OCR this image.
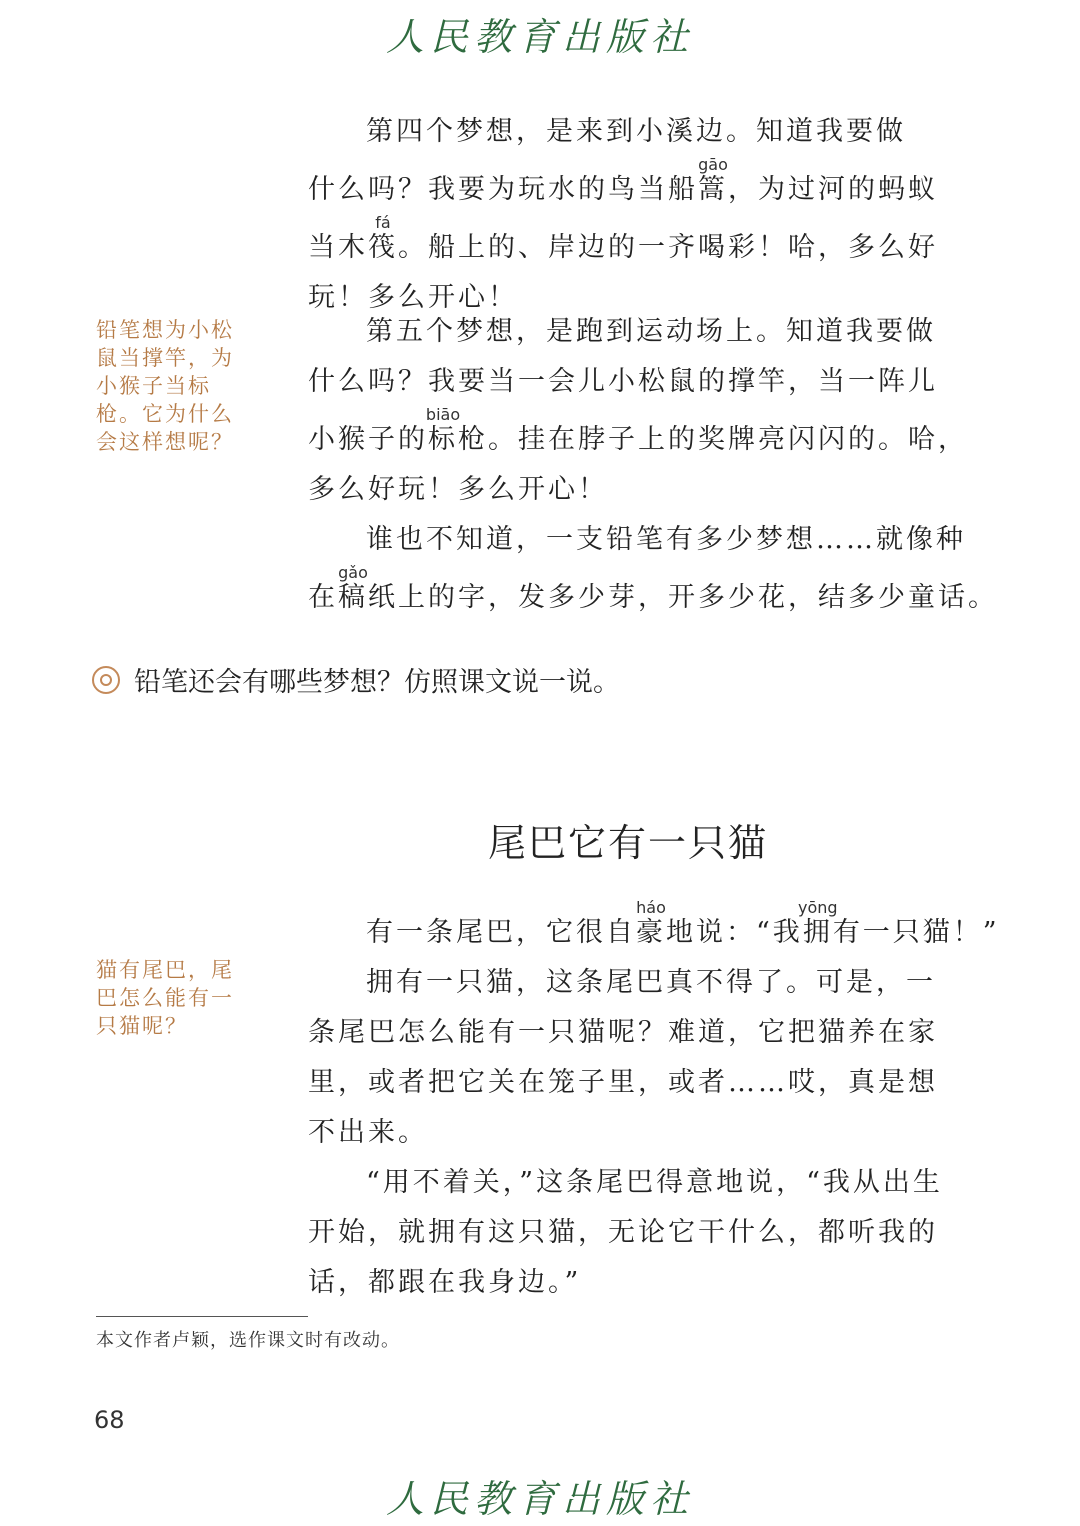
人民教育出版社

第四个梦想，是来到小溪边。知道我要做
什么吗？我要为玩水的鸟当船篙gāo，为过河的蚂蚁
当木筏fá。船上的、岸边的一齐喝彩！哈，多么好
玩！多么开心！

第五个梦想，是跑到运动场上。知道我要做
什么吗？我要当一会儿小松鼠的撑竿，当一阵儿
小猴子的标biāo枪。挂在脖子上的奖牌亮闪闪的。哈，
多么好玩！多么开心！

谁也不知道，一支铅笔有多少梦想……就像种
在稿gǎo纸上的字，发多少芽，开多少花，结多少童话。

铅笔想为小松鼠当撑竿，为小猴子当标枪。它为什么会这样想呢？
铅笔还会有哪些梦想？仿照课文说一说。
尾巴它有一只猫

有一条尾巴，它很自豪háo地说：“我拥yōng有一只猫！”

拥有一只猫，这条尾巴真不得了。可是，一
条尾巴怎么能有一只猫呢？难道，它把猫养在家
里，或者把它关在笼子里，或者……哎，真是想
不出来。

“用不着关，”这条尾巴得意地说，“我从出生
开始，就拥有这只猫，无论它干什么，都听我的
话，都跟在我身边。”

猫有尾巴，尾巴怎么能有一只猫呢？
本文作者卢颖，选作课文时有改动。
68
人民教育出版社
